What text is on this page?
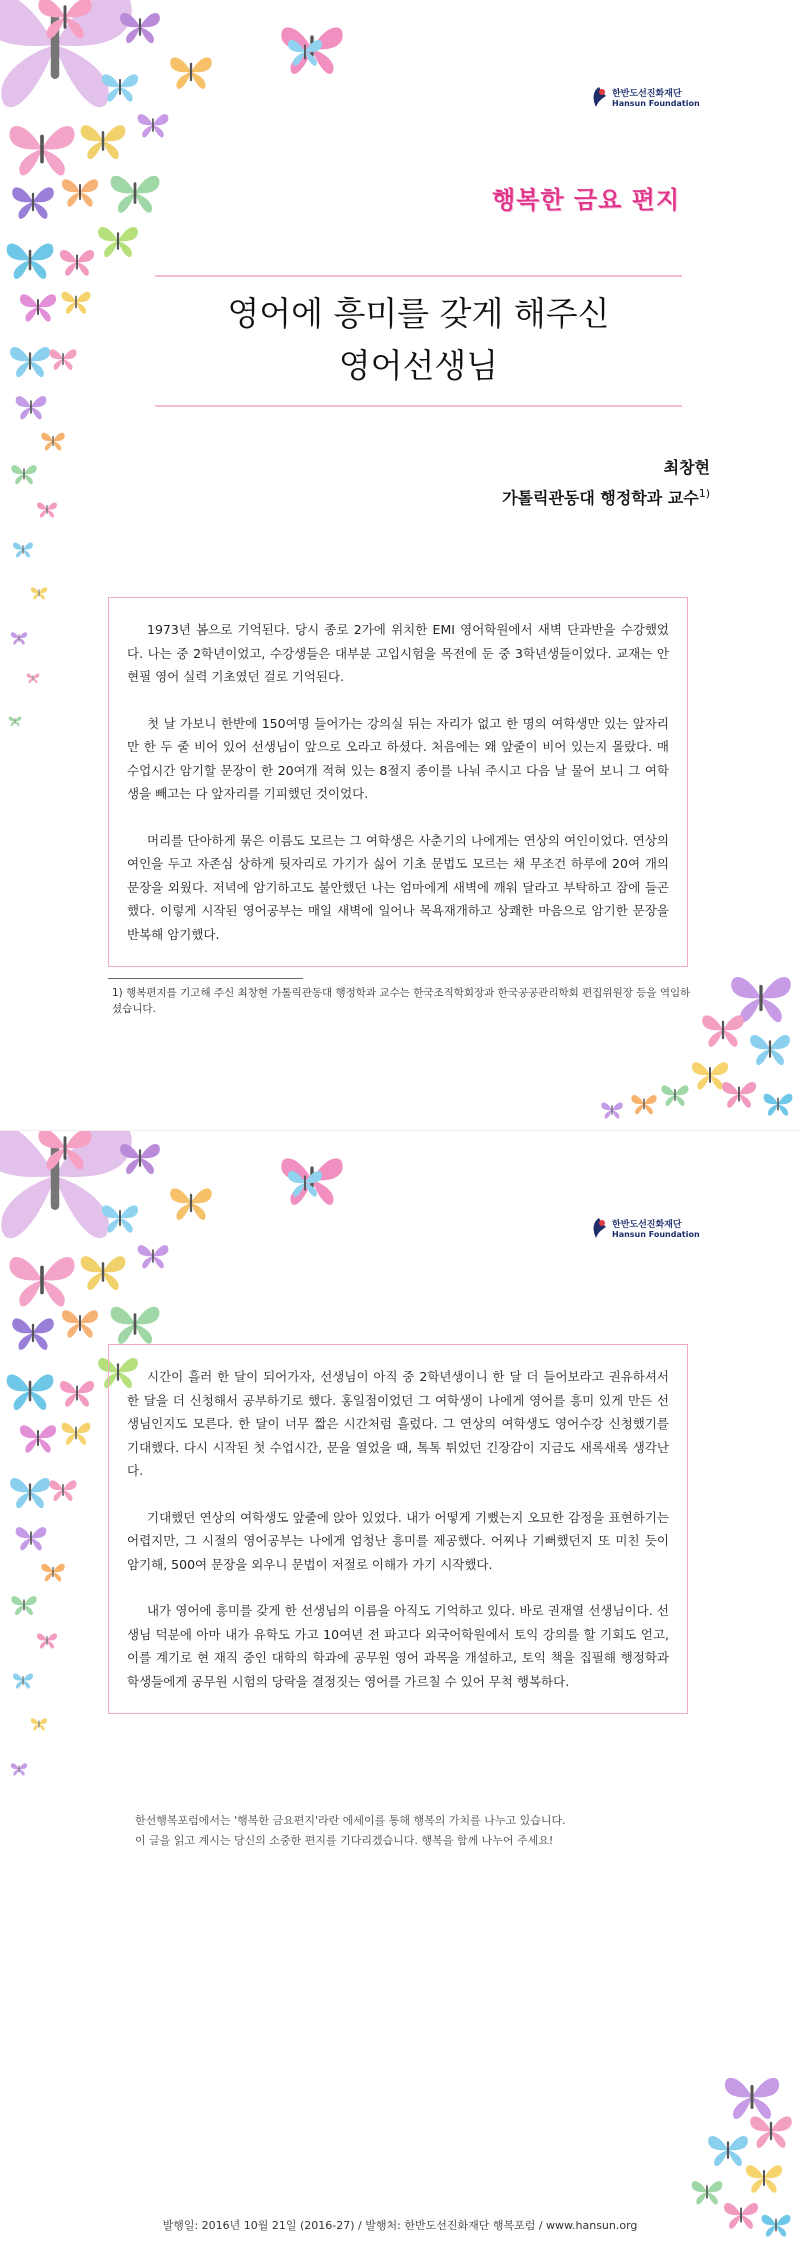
한반도선진화재단
Hansun Foundation
행복한 금요 편지
영어에 흥미를 갖게 해주신
영어선생님
최창현
가톨릭관동대 행정학과 교수$^{1)}$

1973년 봄으로 기억된다. 당시 종로 2가에 위치한 EMI 영어학원에서 새벽 단과반을 수강했었다. 나는 중 2학년이었고, 수강생들은 대부분 고입시험을 목전에 둔 중 3학년생들이었다. 교재는 안현필 영어 실력 기초였던 걸로 기억된다.

첫 날 가보니 한반에 150여명 들어가는 강의실 뒤는 자리가 없고 한 명의 여학생만 있는 앞자리만 한 두 줄 비어 있어 선생님이 앞으로 오라고 하셨다. 처음에는 왜 앞줄이 비어 있는지 몰랐다. 매 수업시간 암기할 문장이 한 20여개 적혀 있는 8절지 종이를 나눠 주시고 다음 날 물어 보니 그 여학생을 빼고는 다 앞자리를 기피했던 것이었다.

머리를 단아하게 묶은 이름도 모르는 그 여학생은 사춘기의 나에게는 연상의 여인이었다. 연상의 여인을 두고 자존심 상하게 뒷자리로 가기가 싫어 기초 문법도 모르는 채 무조건 하루에 20여 개의 문장을 외웠다. 저녁에 암기하고도 불안했던 나는 엄마에게 새벽에 깨워 달라고 부탁하고 잠에 들곤 했다. 이렇게 시작된 영어공부는 매일 새벽에 일어나 목욕재개하고 상쾌한 마음으로 암기한 문장을 반복해 암기했다.

1) 행복편지를 기고해 주신 최창현 가톨릭관동대 행정학과 교수는 한국조직학회장과 한국공공관리학회 편집위원장 등을 역임하셨습니다.
한반도선진화재단
Hansun Foundation

시간이 흘러 한 달이 되어가자, 선생님이 아직 중 2학년생이니 한 달 더 들어보라고 권유하셔서 한 달을 더 신청해서 공부하기로 했다. 홍일점이었던 그 여학생이 나에게 영어를 흥미 있게 만든 선생님인지도 모른다. 한 달이 너무 짧은 시간처럼 흘렀다. 그 연상의 여학생도 영어수강 신청했기를 기대했다. 다시 시작된 첫 수업시간, 문을 열었을 때, 톡톡 튀었던 긴장감이 지금도 새록새록 생각난다.

기대했던 연상의 여학생도 앞줄에 앉아 있었다. 내가 어떻게 기뻤는지 오묘한 감정을 표현하기는 어렵지만, 그 시절의 영어공부는 나에게 엄청난 흥미를 제공했다. 어찌나 기뻐했던지 또 미친 듯이 암기해, 500여 문장을 외우니 문법이 저절로 이해가 가기 시작했다.

내가 영어에 흥미를 갖게 한 선생님의 이름을 아직도 기억하고 있다. 바로 권재열 선생님이다. 선생님 덕분에 아마 내가 유학도 가고 10여년 전 파고다 외국어학원에서 토익 강의를 할 기회도 얻고, 이를 계기로 현 재직 중인 대학의 학과에 공무원 영어 과목을 개설하고, 토익 책을 집필해 행정학과 학생들에게 공무원 시험의 당락을 결정짓는 영어를 가르칠 수 있어 무척 행복하다.

한선행복포럼에서는 '행복한 금요편지'라란 에세이를 통해 행복의 가치를 나누고 있습니다.
이 글을 읽고 계시는 당신의 소중한 편지를 기다리겠습니다. 행복을 함께 나누어 주세요!
발행일: 2016년 10월 21일 (2016-27) / 발행처: 한반도선진화재단 행복포럼 / www.hansun.org
